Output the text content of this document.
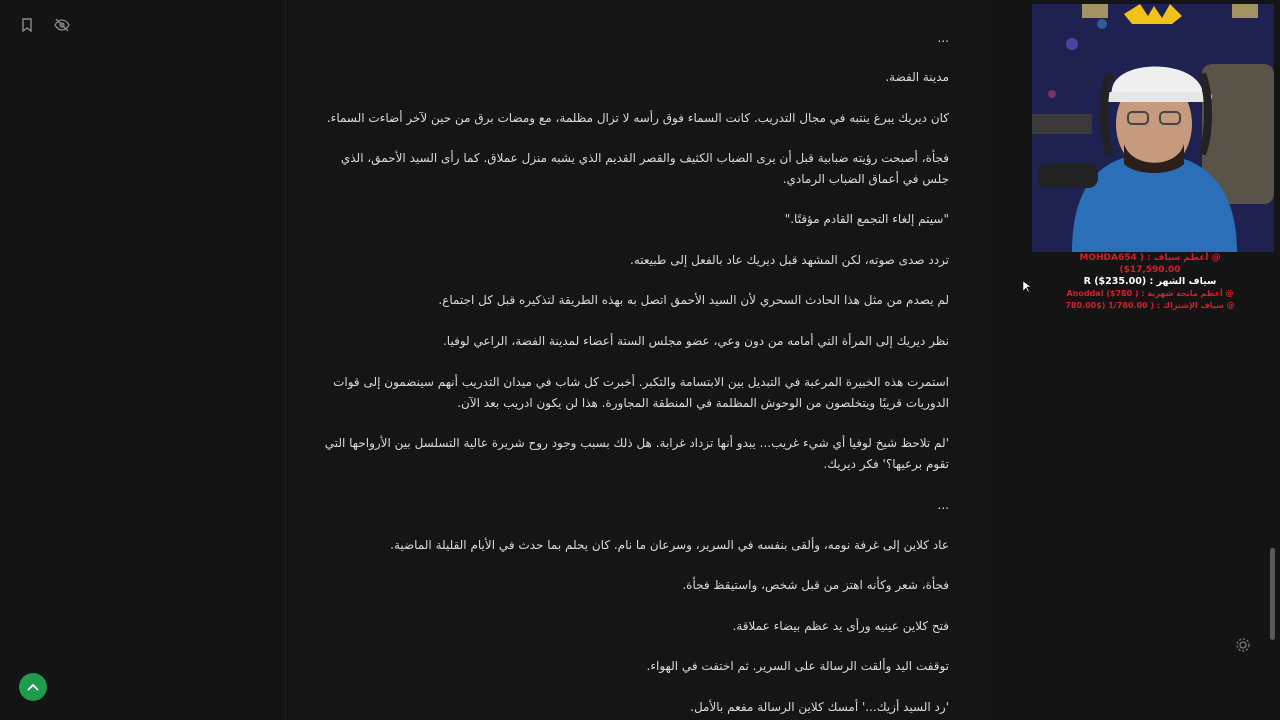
...

مدينة الفضة.

كان ديريك يبرغ ينتبه في مجال التدريب. كانت السماء فوق رأسه لا تزال مظلمة، مع ومضات برق من حين لآخر أضاءت السماء.

فجأة، أصبحت رؤيته ضبابية قبل أن يرى الضباب الكثيف والقصر القديم الذي يشبه منزل عملاق. كما رأى السيد الأحمق، الذي جلس في أعماق الضباب الرمادي.

"سيتم إلغاء التجمع القادم مؤقتًا."

تردد صدى صوته، لكن المشهد قبل ديريك عاد بالفعل إلى طبيعته.

لم يصدم من مثل هذا الحادث السحري لأن السيد الأحمق اتصل به بهذه الطريقة لتذكيره قبل كل اجتماع.

نظر ديريك إلى المرأة التي أمامه من دون وعي، عضو مجلس الستة أعضاء لمدينة الفضة، الراعي لوفيا.

استمرت هذه الخبيرة المرعبة في التبديل بين الابتسامة والتكبر. أخبرت كل شاب في ميدان التدريب أنهم سينضمون إلى قوات الدوريات قريبًا ويتخلصون من الوحوش المظلمة في المنطقة المجاورة. هذا لن يكون ادريب بعد الآن.

'لم تلاحظ شيخ لوفيا أي شيء غريب... يبدو أنها تزداد غرابة. هل ذلك بسبب وجود روح شريرة عالية التسلسل بين الأرواحها التي تقوم برعيها؟' فكر ديريك.

...

عاد كلاين إلى غرفة نومه، وألقى بنفسه في السرير، وسرعان ما نام. كان يحلم بما حدث في الأيام القليلة الماضية.

فجأة، شعر وكأنه اهتز من قبل شخص، واستيقظ فجأة.

فتح كلاين عينيه ورأى يد عظم بيضاء عملاقة.

توقفت اليد وألقت الرسالة على السرير. ثم اختفت في الهواء.

'رد السيد أزيك...' أمسك كلاين الرسالة مفعم بالأمل.

@ أعظم سياف : ( MOHDA654 ($17,590.00
سياف الشهر : R ($235.00)
@ أعظم مانحة شهرية : ( Anoddal ($780
@ سياف الإشتراك : ( 1/780.00 ($780.00
